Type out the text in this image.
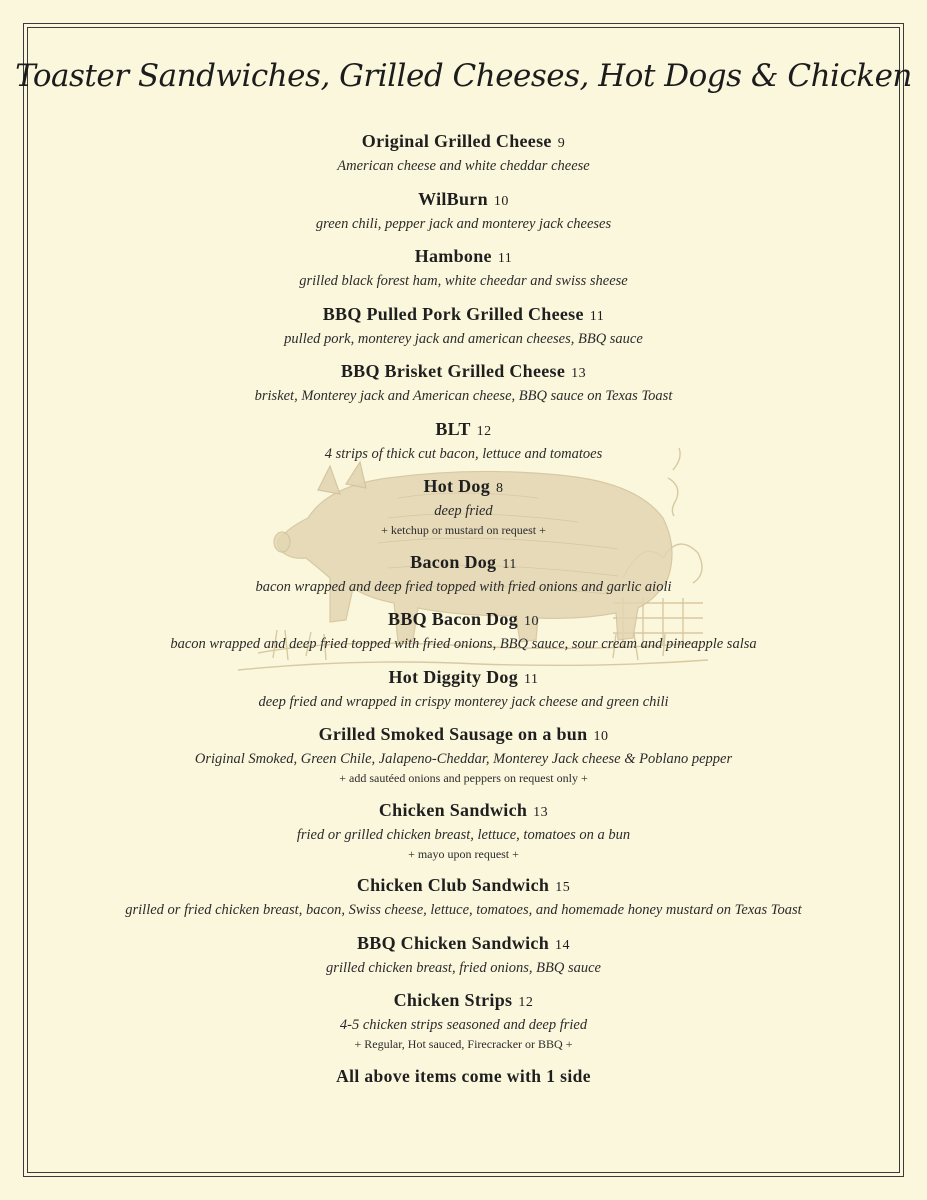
Toaster Sandwiches, Grilled Cheeses, Hot Dogs & Chicken
Original Grilled Cheese 9
American cheese and white cheddar cheese
WilBurn 10
green chili, pepper jack and monterey jack cheeses
Hambone 11
grilled black forest ham, white cheedar and swiss sheese
BBQ Pulled Pork Grilled Cheese 11
pulled pork, monterey jack and american cheeses, BBQ sauce
BBQ Brisket Grilled Cheese 13
brisket, Monterey jack and American cheese, BBQ sauce on Texas Toast
BLT 12
4 strips of thick cut bacon, lettuce and tomatoes
Hot Dog 8
deep fried
+ ketchup or mustard on request +
Bacon Dog 11
bacon wrapped and deep fried topped with fried onions and garlic aioli
BBQ Bacon Dog 10
bacon wrapped and deep fried topped with fried onions, BBQ sauce, sour cream and pineapple salsa
Hot Diggity Dog 11
deep fried and wrapped in crispy monterey jack cheese and green chili
Grilled Smoked Sausage on a bun 10
Original Smoked, Green Chile, Jalapeno-Cheddar, Monterey Jack cheese & Poblano pepper
+ add sautéed onions and peppers on request only +
Chicken Sandwich 13
fried or grilled chicken breast, lettuce, tomatoes on a bun
+ mayo upon request +
Chicken Club Sandwich 15
grilled or fried chicken breast, bacon, Swiss cheese, lettuce, tomatoes, and homemade honey mustard on Texas Toast
BBQ Chicken Sandwich 14
grilled chicken breast, fried onions, BBQ sauce
Chicken Strips 12
4-5 chicken strips seasoned and deep fried
+ Regular, Hot sauced, Firecracker or BBQ +
All above items come with 1 side
